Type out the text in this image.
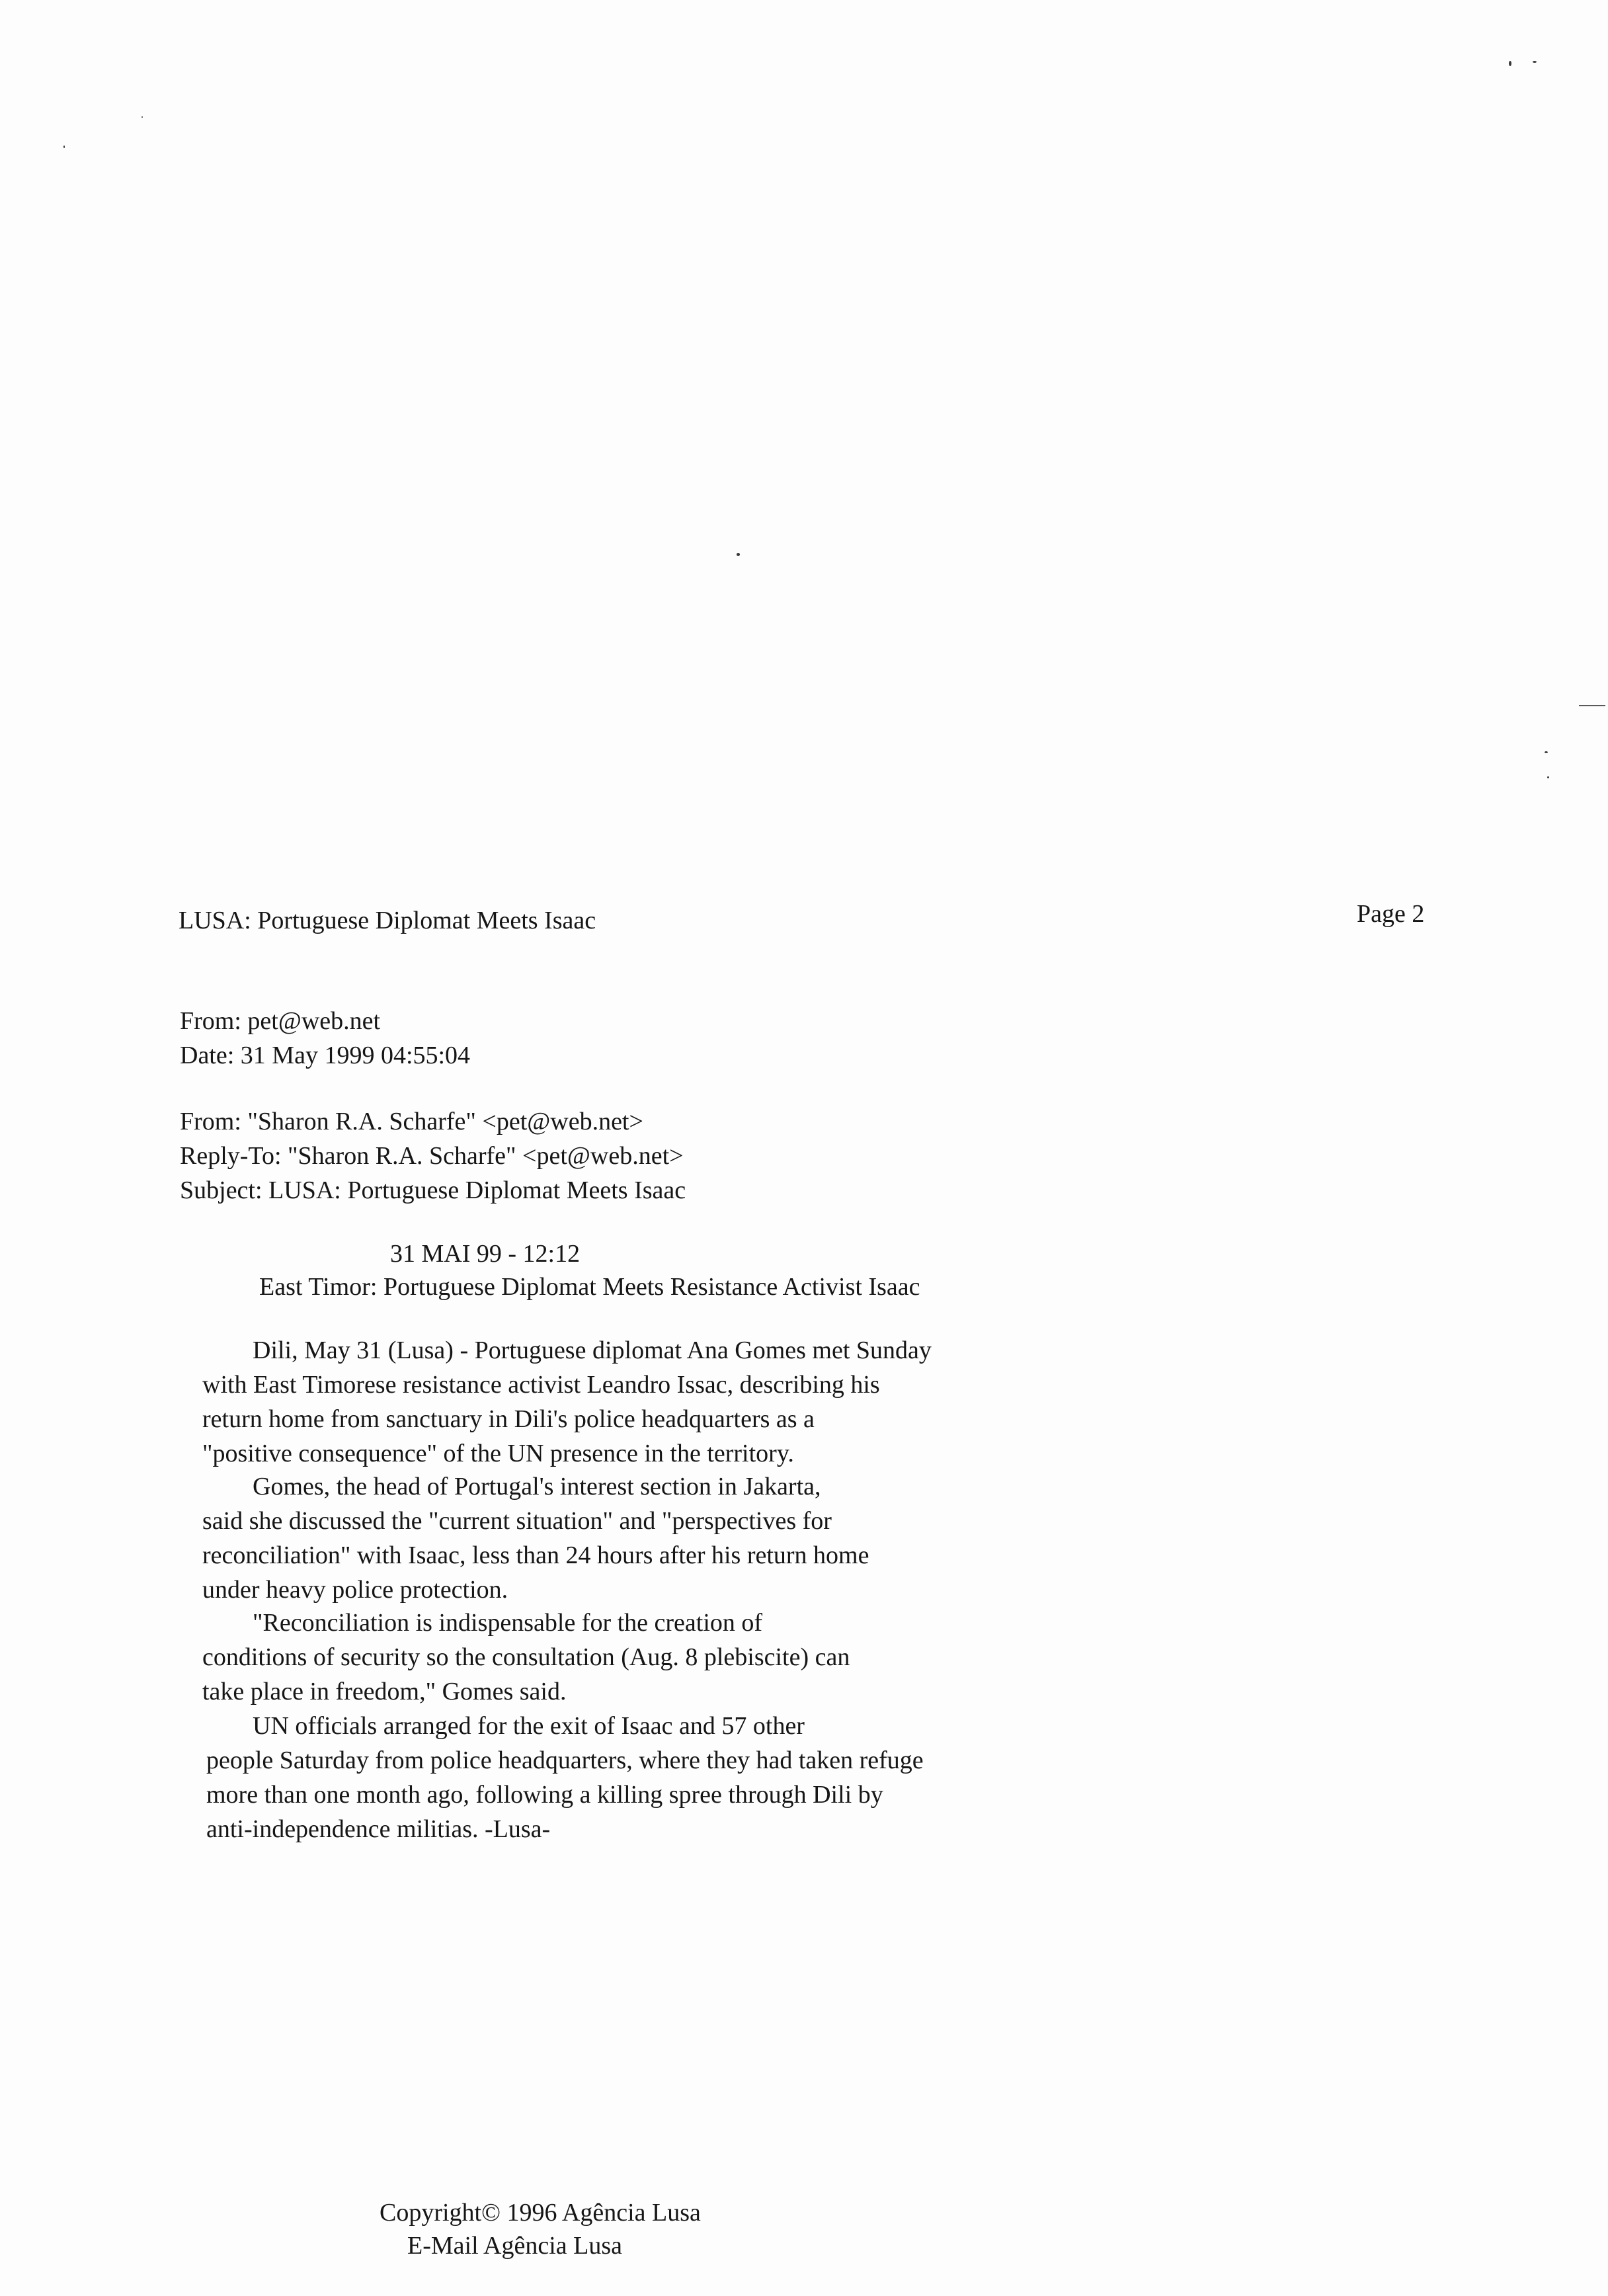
LUSA: Portuguese Diplomat Meets Isaac	Page 2
From: pet@web.net
Date: 31 May 1999 04:55:04
From: "Sharon R.A. Scharfe" <pet@web.net>
Reply-To: "Sharon R.A. Scharfe" <pet@web.net>
Subject: LUSA: Portuguese Diplomat Meets Isaac
31 MAI 99 - 12:12
East Timor: Portuguese Diplomat Meets Resistance Activist Isaac
Dili, May 31 (Lusa) - Portuguese diplomat Ana Gomes met Sunday
with East Timorese resistance activist Leandro Issac, describing his
return home from sanctuary in Dili's police headquarters as a
"positive consequence" of the UN presence in the territory.
Gomes, the head of Portugal's interest section in Jakarta,
said she discussed the "current situation" and "perspectives for
reconciliation" with Isaac, less than 24 hours after his return home
under heavy police protection.
"Reconciliation is indispensable for the creation of
conditions of security so the consultation (Aug. 8 plebiscite) can
take place in freedom," Gomes said.
UN officials arranged for the exit of Isaac and 57 other
people Saturday from police headquarters, where they had taken refuge
more than one month ago, following a killing spree through Dili by
anti-independence militias. -Lusa-
Copyright© 1996 Agência Lusa
E-Mail Agência Lusa
